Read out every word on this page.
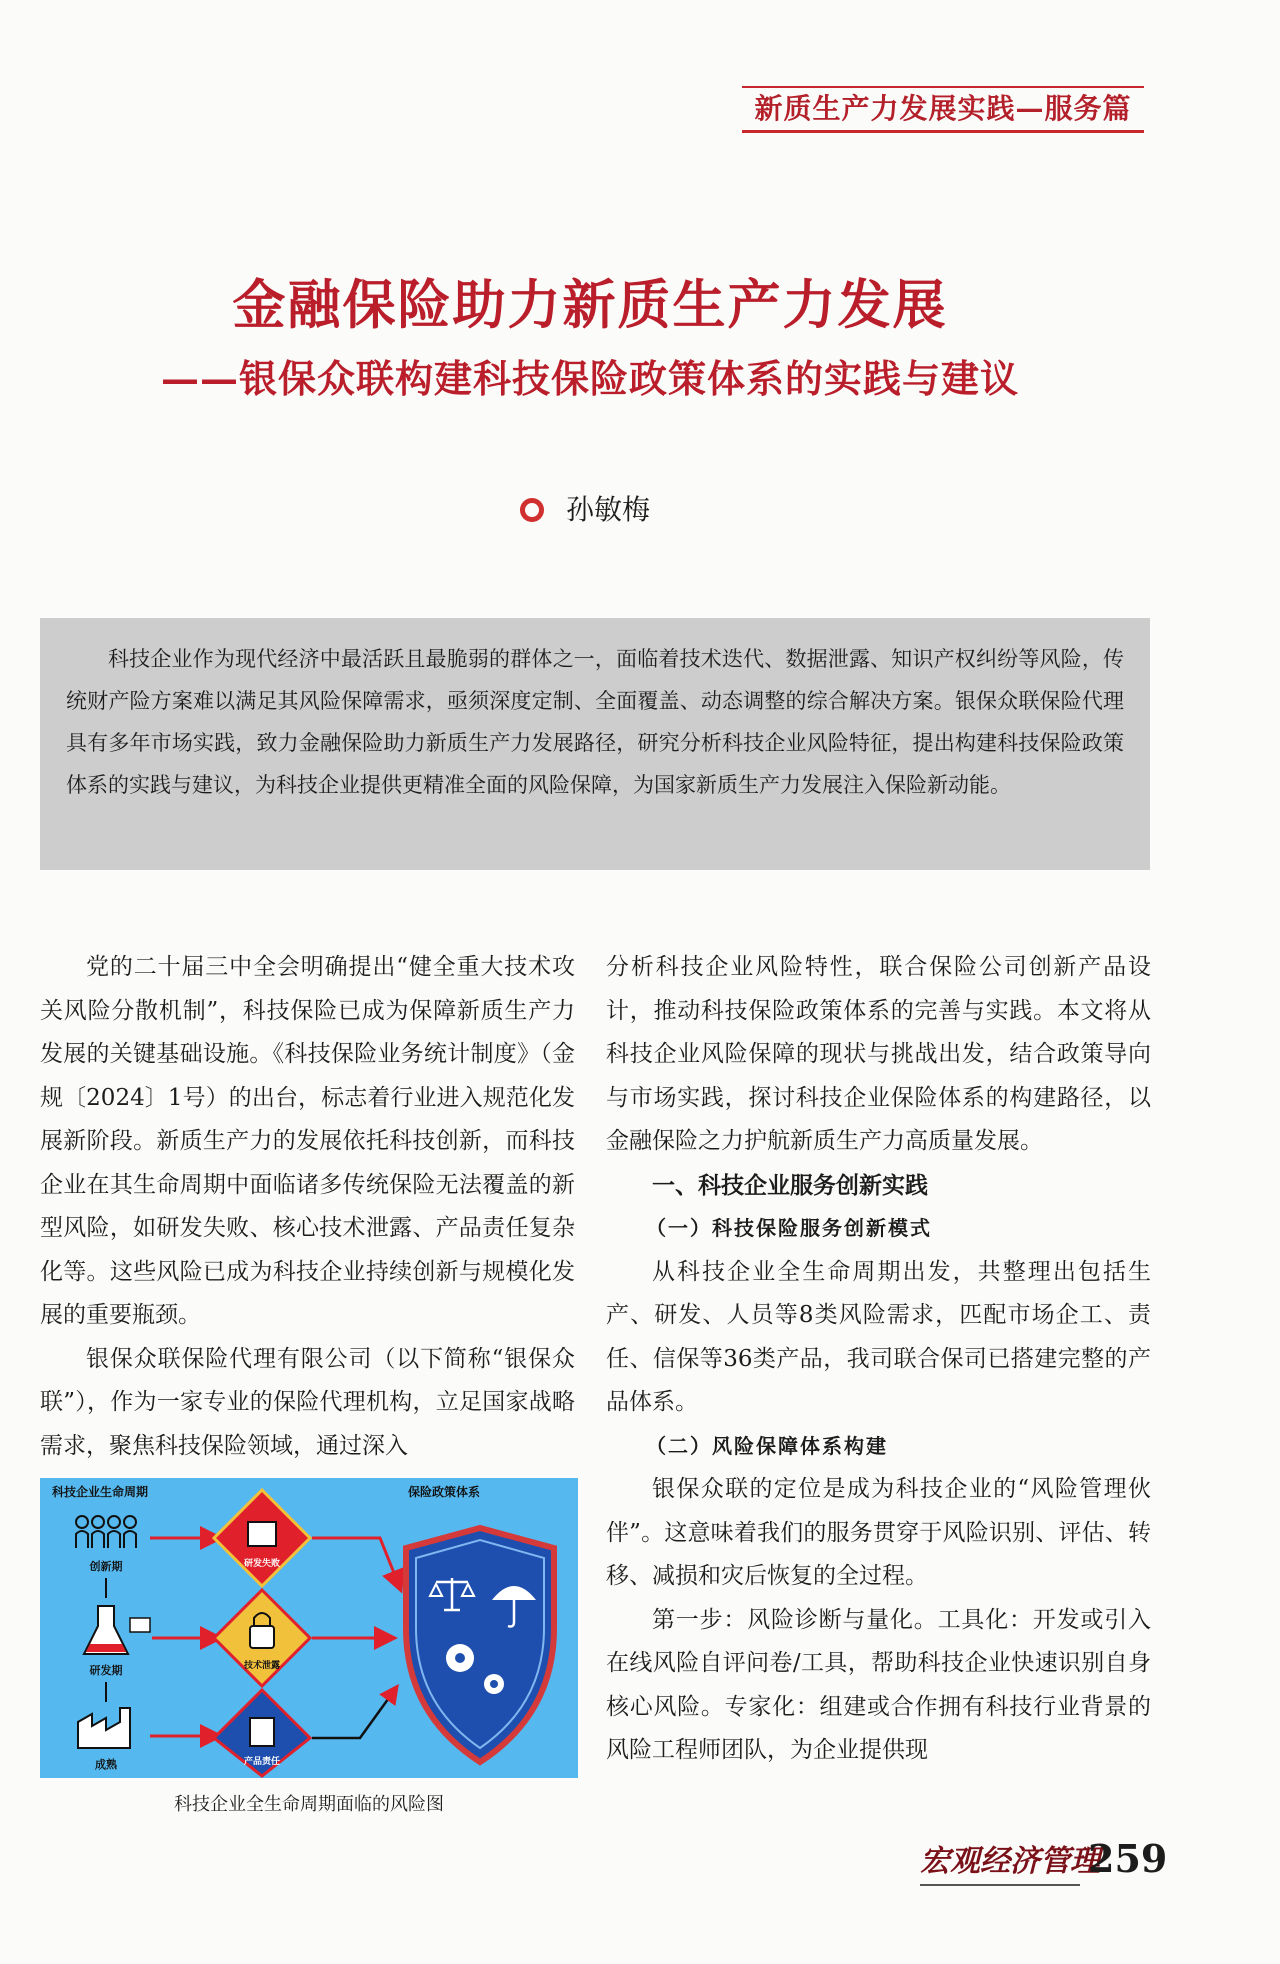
新质生产力发展实践—服务篇
金融保险助力新质生产力发展
——银保众联构建科技保险政策体系的实践与建议
孙敏梅

科技企业作为现代经济中最活跃且最脆弱的群体之一，面临着技术迭代、数据泄露、知识产权纠纷等风险，传统财产险方案难以满足其风险保障需求，亟须深度定制、全面覆盖、动态调整的综合解决方案。银保众联保险代理具有多年市场实践，致力金融保险助力新质生产力发展路径，研究分析科技企业风险特征，提出构建科技保险政策体系的实践与建议，为科技企业提供更精准全面的风险保障，为国家新质生产力发展注入保险新动能。

党的二十届三中全会明确提出“健全重大技术攻关风险分散机制”，科技保险已成为保障新质生产力发展的关键基础设施。《科技保险业务统计制度》（金规〔2024〕1号）的出台，标志着行业进入规范化发展新阶段。新质生产力的发展依托科技创新，而科技企业在其生命周期中面临诸多传统保险无法覆盖的新型风险，如研发失败、核心技术泄露、产品责任复杂化等。这些风险已成为科技企业持续创新与规模化发展的重要瓶颈。

银保众联保险代理有限公司（以下简称“银保众联”），作为一家专业的保险代理机构，立足国家战略需求，聚焦科技保险领域，通过深入

分析科技企业风险特性，联合保险公司创新产品设计，推动科技保险政策体系的完善与实践。本文将从科技企业风险保障的现状与挑战出发，结合政策导向与市场实践，探讨科技企业保险体系的构建路径，以金融保险之力护航新质生产力高质量发展。

一、科技企业服务创新实践

（一）科技保险服务创新模式

从科技企业全生命周期出发，共整理出包括生产、研发、人员等8类风险需求，匹配市场企工、责任、信保等36类产品，我司联合保司已搭建完整的产品体系。

（二）风险保障体系构建

银保众联的定位是成为科技企业的“风险管理伙伴”。这意味着我们的服务贯穿于风险识别、评估、转移、减损和灾后恢复的全过程。

第一步：风险诊断与量化。工具化：开发或引入在线风险自评问卷/工具，帮助科技企业快速识别自身核心风险。专家化：组建或合作拥有科技行业背景的风险工程师团队，为企业提供现

科技企业生命周期	保险政策体系
创新期
研发期
成熟
研发失败
技术泄露
产品责任
科技企业全生命周期面临的风险图
宏观经济管理
259
